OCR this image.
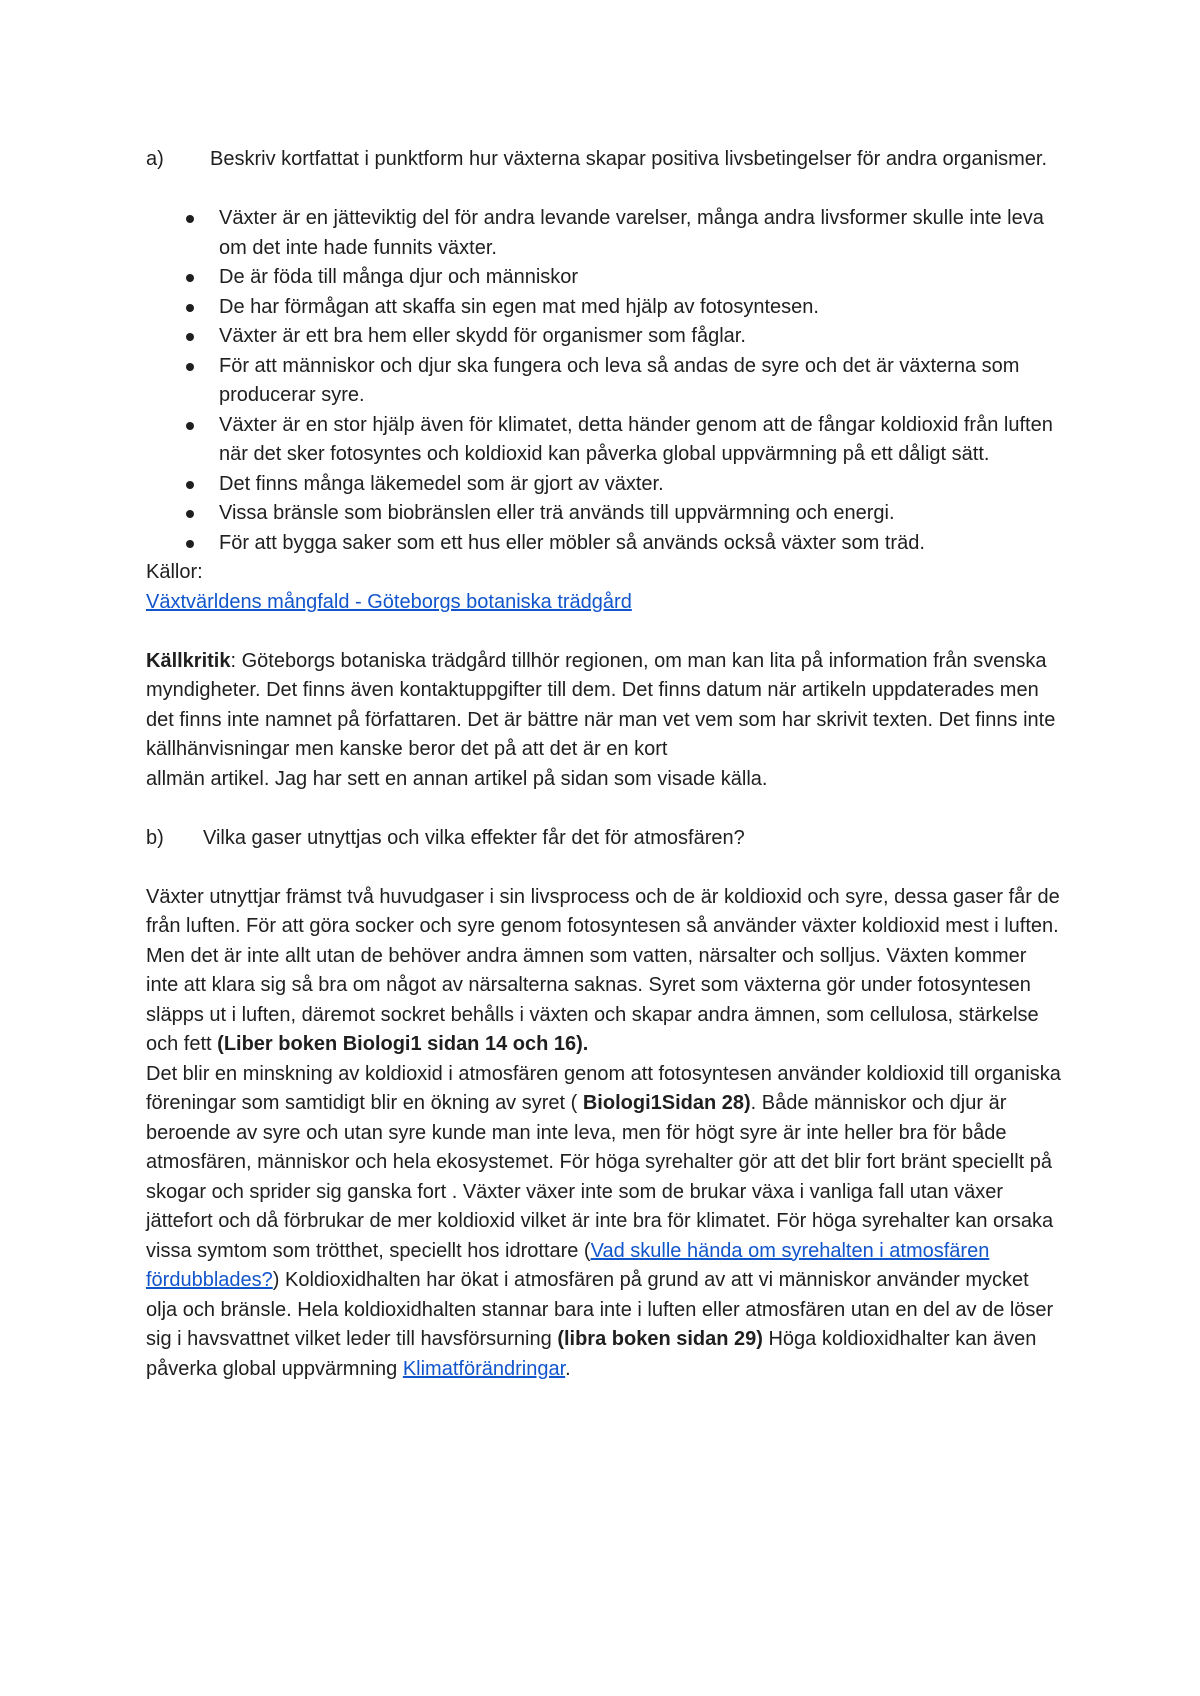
a) Beskriv kortfattat i punktform hur växterna skapar positiva livsbetingelser för andra organismer.

Växter är en jätteviktig del för andra levande varelser, många andra livsformer skulle inte leva om det inte hade funnits växter.
De är föda till många djur och människor
De har förmågan att skaffa sin egen mat med hjälp av fotosyntesen.
Växter är ett bra hem eller skydd för organismer som fåglar.
För att människor och djur ska fungera och leva så andas de syre och det är växterna som producerar syre.
Växter är en stor hjälp även för klimatet, detta händer genom att de fångar koldioxid från luften när det sker fotosyntes och koldioxid kan påverka global uppvärmning på ett dåligt sätt.
Det finns många läkemedel som är gjort av växter.
Vissa bränsle som biobränslen eller trä används till uppvärmning och energi.
För att bygga saker som ett hus eller möbler så används också växter som träd.

Källor:

Växtvärldens mångfald - Göteborgs botaniska trädgård

Källkritik: Göteborgs botaniska trädgård tillhör regionen, om man kan lita på information från svenska myndigheter. Det finns även kontaktuppgifter till dem. Det finns datum när artikeln uppdaterades men det finns inte namnet på författaren. Det är bättre när man vet vem som har skrivit texten. Det finns inte källhänvisningar men kanske beror det på att det är en kort

allmän artikel. Jag har sett en annan artikel på sidan som visade källa.

b) Vilka gaser utnyttjas och vilka effekter får det för atmosfären?

Växter utnyttjar främst två huvudgaser i sin livsprocess och de är koldioxid och syre, dessa gaser får de från luften. För att göra socker och syre genom fotosyntesen så använder växter koldioxid mest i luften. Men det är inte allt utan de behöver andra ämnen som vatten, närsalter och solljus. Växten kommer inte att klara sig så bra om något av närsalterna saknas. Syret som växterna gör under fotosyntesen släpps ut i luften, däremot sockret behålls i växten och skapar andra ämnen, som cellulosa, stärkelse och fett (Liber boken Biologi1 sidan 14 och 16).

Det blir en minskning av koldioxid i atmosfären genom att fotosyntesen använder koldioxid till organiska föreningar som samtidigt blir en ökning av syret ( Biologi1Sidan 28). Både människor och djur är beroende av syre och utan syre kunde man inte leva, men för högt syre är inte heller bra för både atmosfären, människor och hela ekosystemet. För höga syrehalter gör att det blir fort bränt speciellt på skogar och sprider sig ganska fort . Växter växer inte som de brukar växa i vanliga fall utan växer jättefort och då förbrukar de mer koldioxid vilket är inte bra för klimatet. För höga syrehalter kan orsaka vissa symtom som trötthet, speciellt hos idrottare (Vad skulle hända om syrehalten i atmosfären fördubblades?) Koldioxidhalten har ökat i atmosfären på grund av att vi människor använder mycket olja och bränsle. Hela koldioxidhalten stannar bara inte i luften eller atmosfären utan en del av de löser sig i havsvattnet vilket leder till havsförsurning (libra boken sidan 29) Höga koldioxidhalter kan även påverka global uppvärmning Klimatförändringar.
